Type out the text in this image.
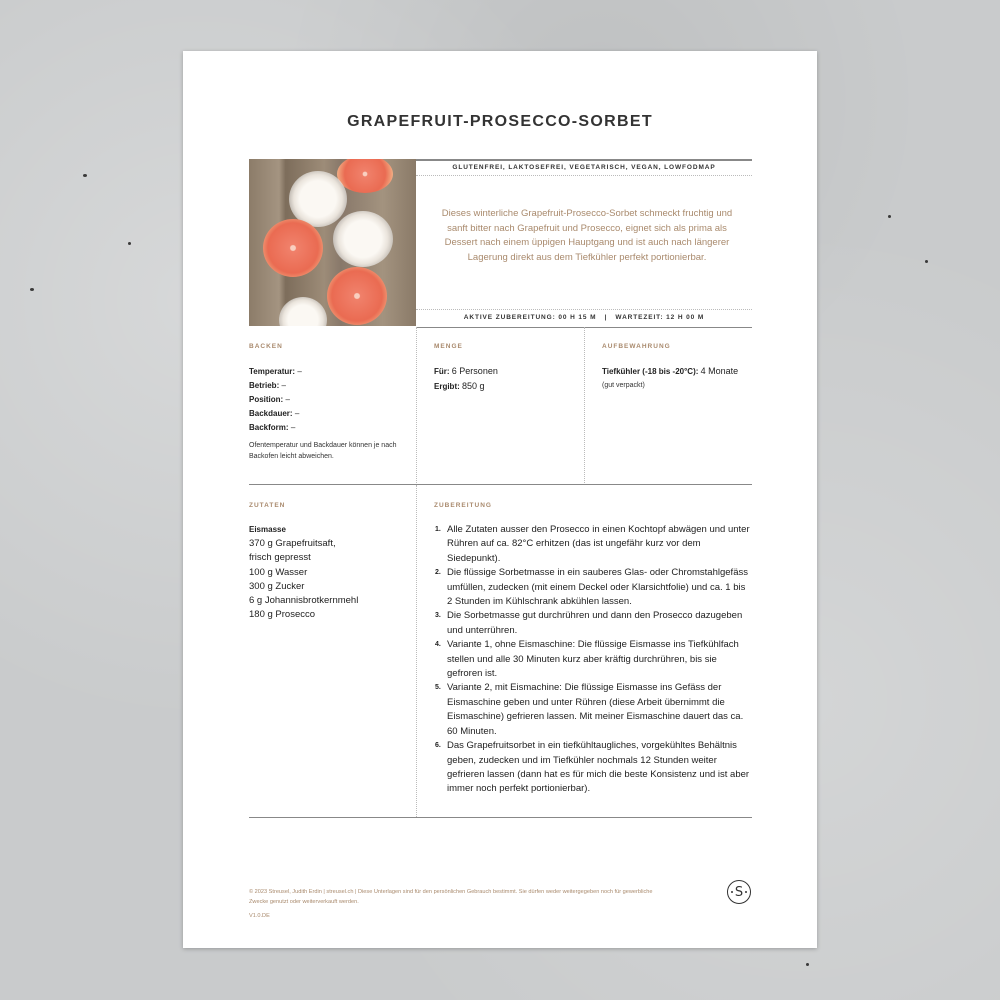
GRAPEFRUIT-PROSECCO-SORBET
GLUTENFREI, LAKTOSEFREI, VEGETARISCH, VEGAN, LOWFODMAP
Dieses winterliche Grapefruit-Prosecco-Sorbet schmeckt fruchtig und sanft bitter nach Grapefruit und Prosecco, eignet sich als prima als Dessert nach einem üppigen Hauptgang und ist auch nach längerer Lagerung direkt aus dem Tiefkühler perfekt portionierbar.
AKTIVE ZUBEREITUNG: 00 H 15 M   |   WARTEZEIT: 12 H 00 M
BACKEN
Temperatur: –
Betrieb: –
Position: –
Backdauer: –
Backform: –
Ofentemperatur und Backdauer können je nach Backofen leicht abweichen.
MENGE
Für: 6 Personen
Ergibt: 850 g
AUFBEWAHRUNG
Tiefkühler (-18 bis -20°C): 4 Monate
(gut verpackt)
ZUTATEN
Eismasse
370 g Grapefruitsaft,
frisch gepresst
100 g Wasser
300 g Zucker
6 g Johannisbrotkernmehl
180 g Prosecco
ZUBEREITUNG
1. Alle Zutaten ausser den Prosecco in einen Kochtopf abwägen und unter Rühren auf ca. 82°C erhitzen (das ist ungefähr kurz vor dem Siedepunkt).
2. Die flüssige Sorbetmasse in ein sauberes Glas- oder Chromstahlgefäss umfüllen, zudecken (mit einem Deckel oder Klarsichtfolie) und ca. 1 bis 2 Stunden im Kühlschrank abkühlen lassen.
3. Die Sorbetmasse gut durchrühren und dann den Prosecco dazugeben und unterrühren.
4. Variante 1, ohne Eismaschine: Die flüssige Eismasse ins Tiefkühlfach stellen und alle 30 Minuten kurz aber kräftig durchrühren, bis sie gefroren ist.
5. Variante 2, mit Eismachine: Die flüssige Eismasse ins Gefäss der Eismaschine geben und unter Rühren (diese Arbeit übernimmt die Eismaschine) gefrieren lassen. Mit meiner Eismaschine dauert das ca. 60 Minuten.
6. Das Grapefruitsorbet in ein tiefkühltaugliches, vorgekühltes Behältnis geben, zudecken und im Tiefkühler nochmals 12 Stunden weiter gefrieren lassen (dann hat es für mich die beste Konsistenz und ist aber immer noch perfekt portionierbar).
© 2023 Streusel, Judith Erdin | streusel.ch | Diese Unterlagen sind für den persönlichen Gebrauch bestimmt. Sie dürfen weder weitergegeben noch für gewerbliche Zwecke genutzt oder weiterverkauft werden.
V1.0.DE
S
